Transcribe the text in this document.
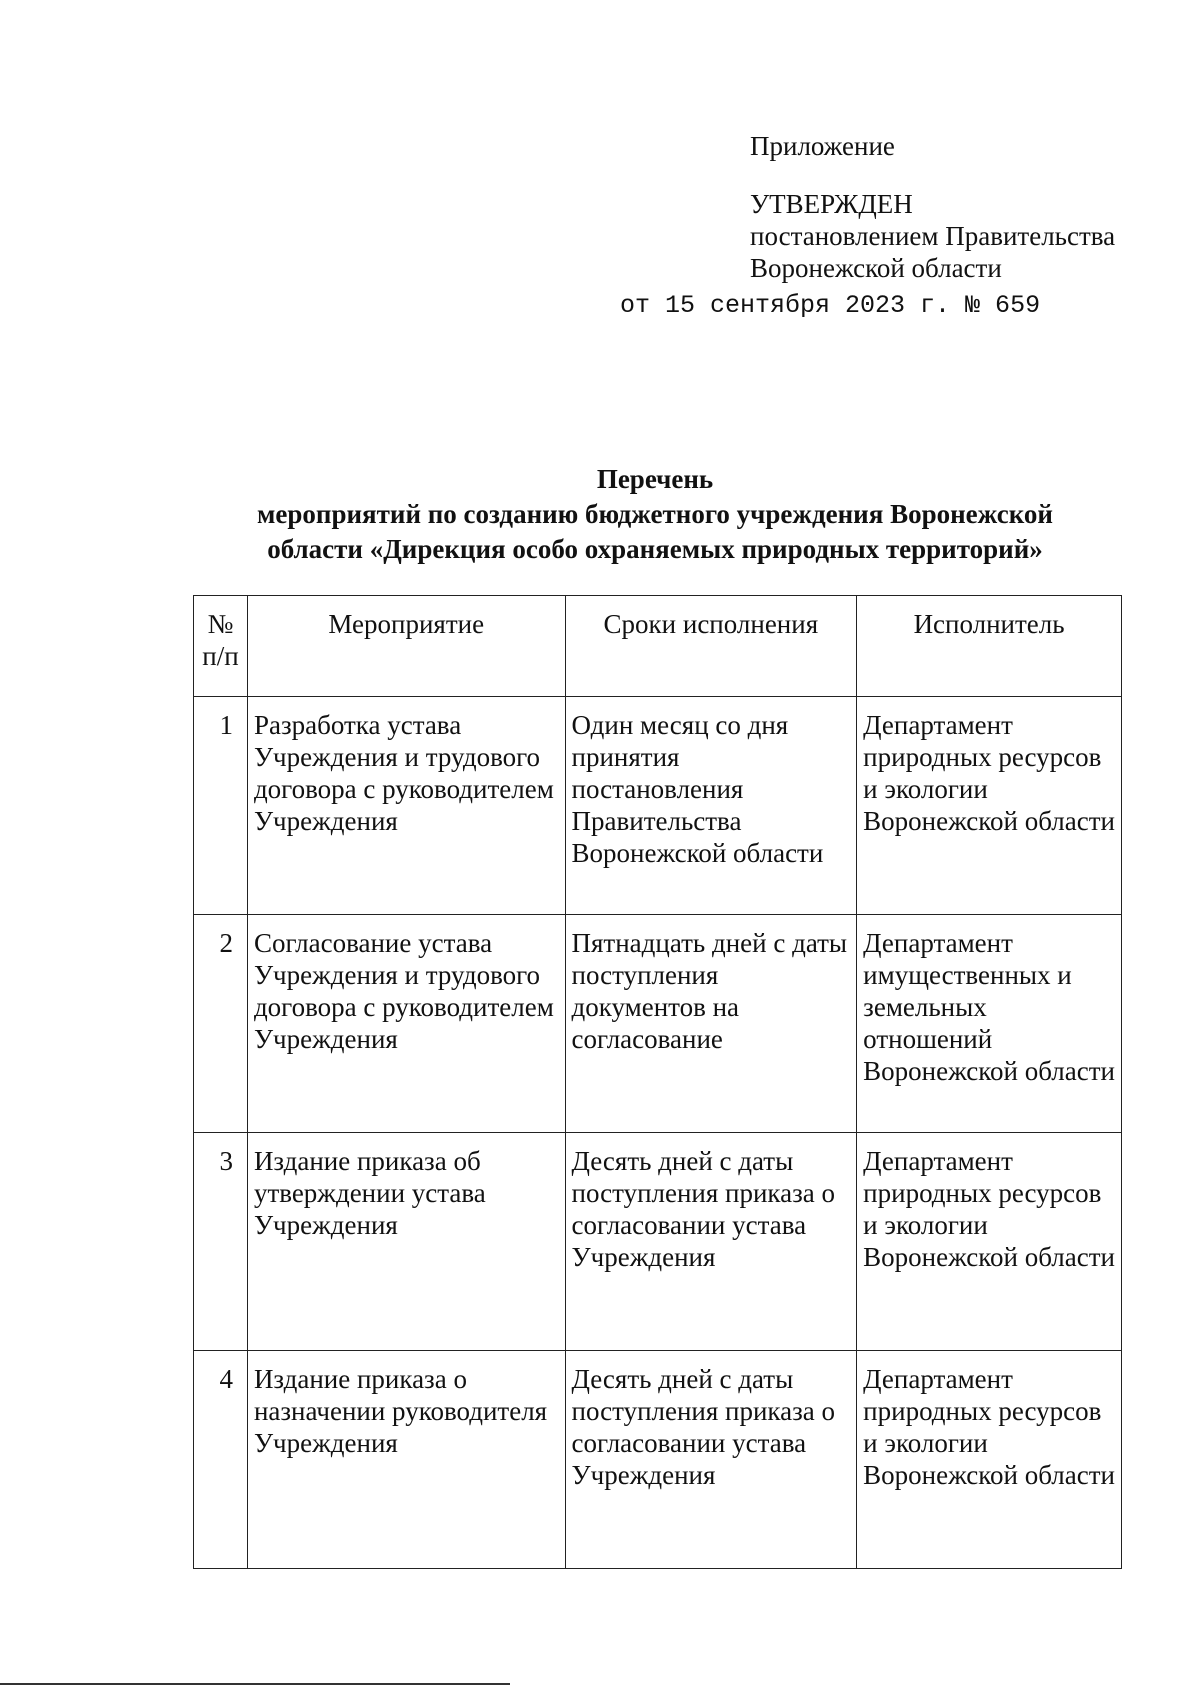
Приложение
УТВЕРЖДЕН
постановлением Правительства
Воронежской области
от 15 сентября 2023 г. № 659
Перечень
мероприятий по созданию бюджетного учреждения Воронежской
области «Дирекция особо охраняемых природных территорий»
№ п/п	Мероприятие	Сроки исполнения	Исполнитель
1	Разработка устава Учреждения и трудового договора с руководителем Учреждения	Один месяц со дня принятия постановления Правительства Воронежской области	Департамент природных ресурсов и экологии Воронежской области
2	Согласование устава Учреждения и трудового договора с руководителем Учреждения	Пятнадцать дней с даты поступления документов на согласование	Департамент имущественных и земельных отношений Воронежской области
3	Издание приказа об утверждении устава Учреждения	Десять дней с даты поступления приказа о согласовании устава Учреждения	Департамент природных ресурсов и экологии Воронежской области
4	Издание приказа о назначении руководителя Учреждения	Десять дней с даты поступления приказа о согласовании устава Учреждения	Департамент природных ресурсов и экологии Воронежской области
